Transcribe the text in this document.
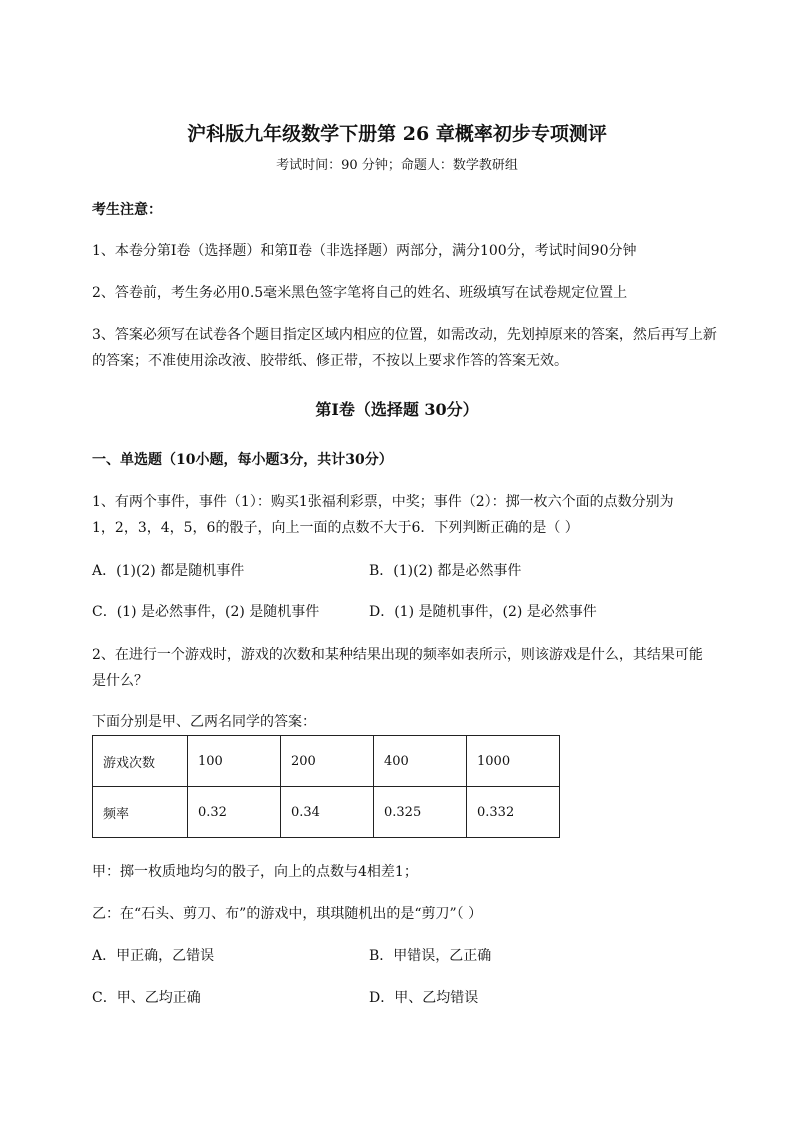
沪科版九年级数学下册第 26 章概率初步专项测评
考试时间：90 分钟；命题人：数学教研组
考生注意：
1、本卷分第Ⅰ卷（选择题）和第Ⅱ卷（非选择题）两部分，满分100分，考试时间90分钟
2、答卷前，考生务必用0.5毫米黑色签字笔将自己的姓名、班级填写在试卷规定位置上
3、答案必须写在试卷各个题目指定区域内相应的位置，如需改动，先划掉原来的答案，然后再写上新
的答案；不准使用涂改液、胶带纸、修正带，不按以上要求作答的答案无效。
第Ⅰ卷（选择题 30分）
一、单选题（10小题，每小题3分，共计30分）
1、有两个事件，事件（1）：购买1张福利彩票，中奖；事件（2）：掷一枚六个面的点数分别为
1，2，3，4，5，6的骰子，向上一面的点数不大于6．下列判断正确的是（ ）
A．(1)(2) 都是随机事件	B．(1)(2) 都是必然事件
C．(1) 是必然事件，(2) 是随机事件	D．(1) 是随机事件，(2) 是必然事件
2、在进行一个游戏时，游戏的次数和某种结果出现的频率如表所示，则该游戏是什么，其结果可能
是什么？
下面分别是甲、乙两名同学的答案：
游戏次数	100	200	400	1000
频率	0.32	0.34	0.325	0.332
甲：掷一枚质地均匀的骰子，向上的点数与4相差1；
乙：在“石头、剪刀、布”的游戏中，琪琪随机出的是“剪刀”（ ）
A．甲正确，乙错误	B．甲错误，乙正确
C．甲、乙均正确	D．甲、乙均错误
